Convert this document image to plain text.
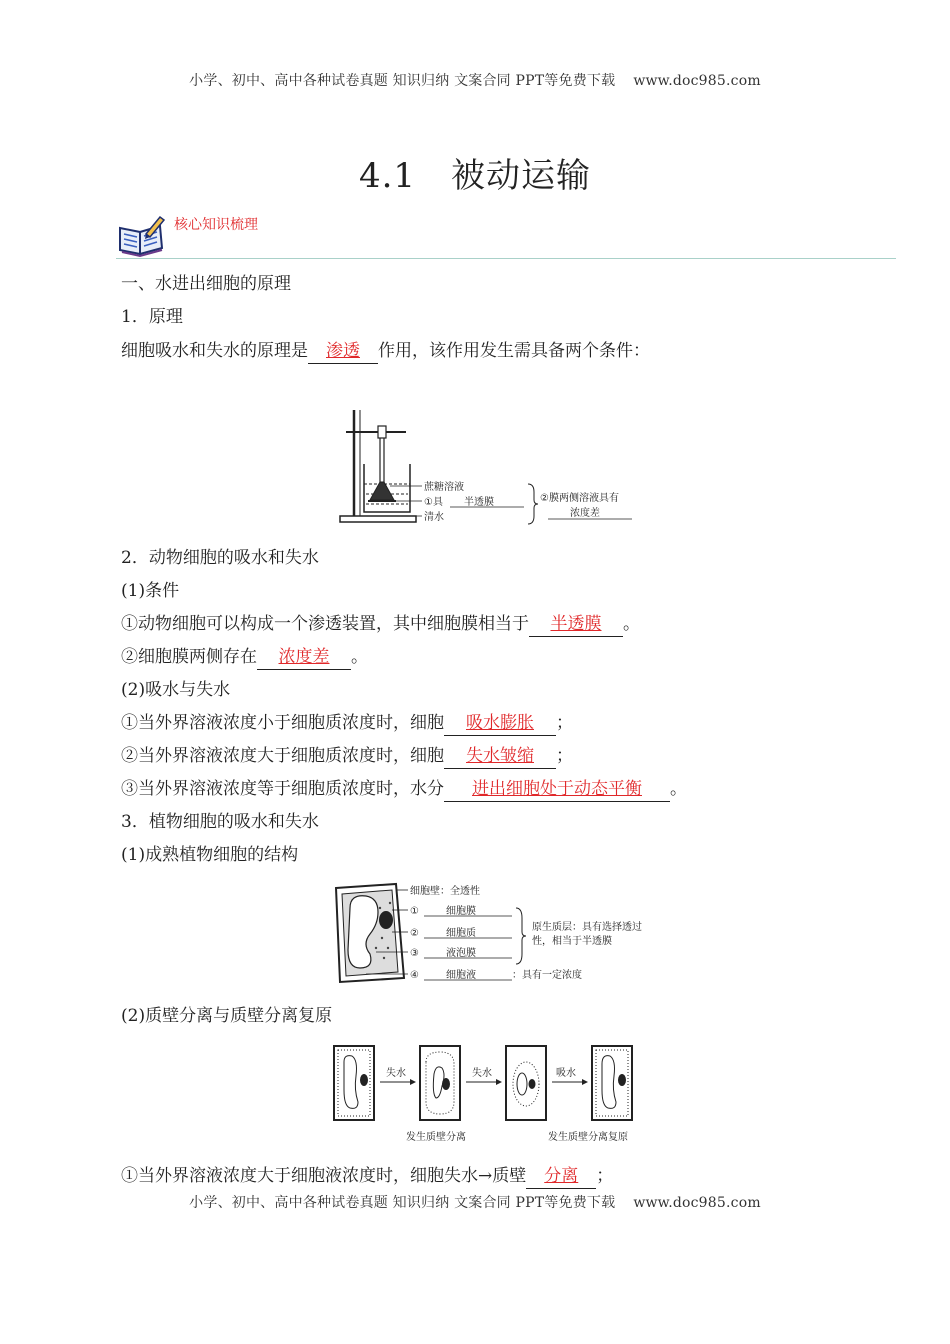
小学、初中、高中各种试卷真题 知识归纳 文案合同 PPT等免费下载 www.doc985.com
4.1　被动运输
核心知识梳理
一、水进出细胞的原理
1．原理
细胞吸水和失水的原理是 渗透 作用，该作用发生需具备两个条件：
蔗糖溶液
①具 半透膜
清水
②膜两侧溶液具有
浓度差
2．动物细胞的吸水和失水
(1)条件
①动物细胞可以构成一个渗透装置，其中细胞膜相当于 半透膜 。
②细胞膜两侧存在 浓度差 。
(2)吸水与失水
①当外界溶液浓度小于细胞质浓度时，细胞 吸水膨胀 ；
②当外界溶液浓度大于细胞质浓度时，细胞 失水皱缩 ；
③当外界溶液浓度等于细胞质浓度时，水分 进出细胞处于动态平衡 。
3．植物细胞的吸水和失水
(1)成熟植物细胞的结构
细胞壁：全透性
①	细胞膜
②	细胞质
③	液泡膜
④	细胞液	：具有一定浓度
原生质层：具有选择透过
性，相当于半透膜
(2)质壁分离与质壁分离复原
失水	失水	吸水
发生质壁分离	发生质壁分离复原
①当外界溶液浓度大于细胞液浓度时，细胞失水→质壁 分离 ；
小学、初中、高中各种试卷真题 知识归纳 文案合同 PPT等免费下载 www.doc985.com
